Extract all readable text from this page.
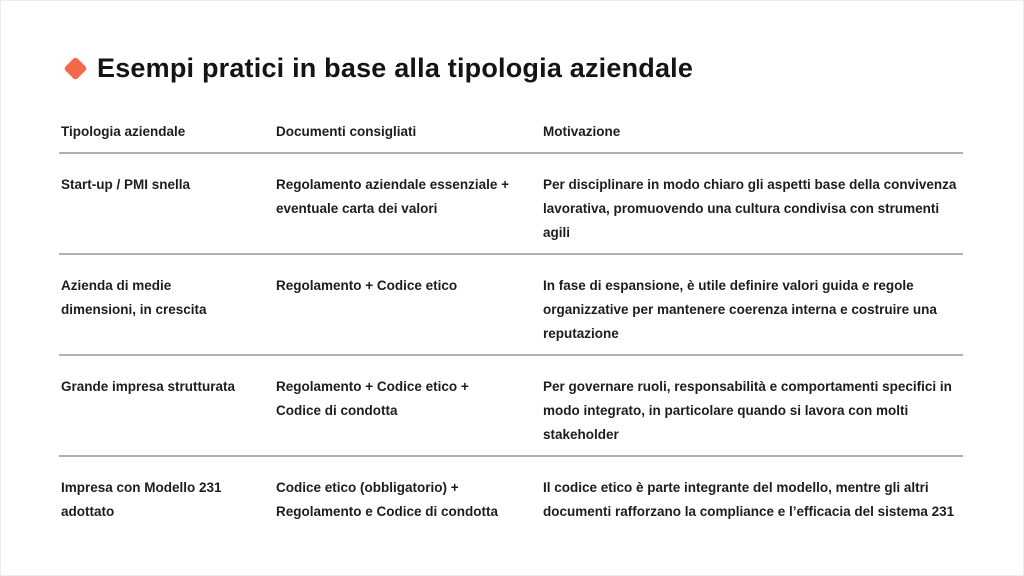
Esempi pratici in base alla tipologia aziendale
Tipologia aziendale	Documenti consigliati	Motivazione
Start-up / PMI snella	Regolamento aziendale essenziale + eventuale carta dei valori	Per disciplinare in modo chiaro gli aspetti base della convivenza lavorativa, promuovendo una cultura condivisa con strumenti agili
Azienda di medie dimensioni, in crescita	Regolamento + Codice etico	In fase di espansione, è utile definire valori guida e regole organizzative per mantenere coerenza interna e costruire una reputazione
Grande impresa strutturata	Regolamento + Codice etico + Codice di condotta	Per governare ruoli, responsabilità e comportamenti specifici in modo integrato, in particolare quando si lavora con molti stakeholder
Impresa con Modello 231 adottato	Codice etico (obbligatorio) + Regolamento e Codice di condotta	Il codice etico è parte integrante del modello, mentre gli altri documenti rafforzano la compliance e l’efficacia del sistema 231
